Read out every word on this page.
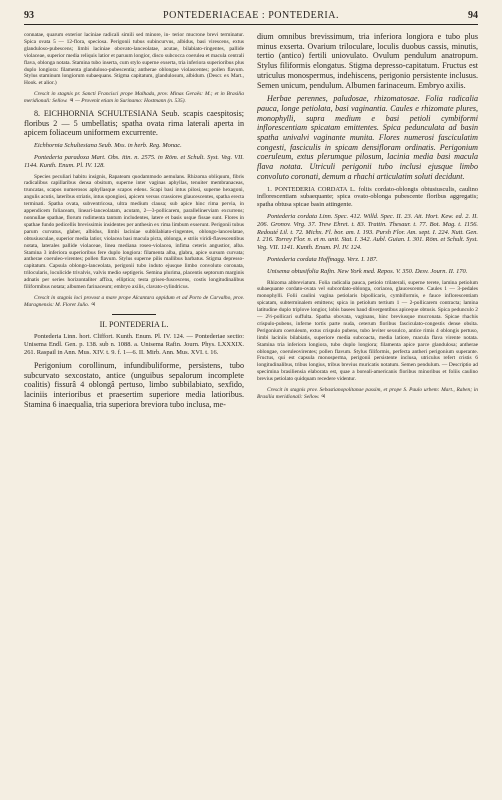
93	PONTEDERIACEAE : PONTEDERIA.	94

connatae, quarum exterior laciniae radicali simili sed minore, in- terior mucrone brevi terminatur. Spica ovata 5 — 12-flora, speciosa. Perigonii tubus subincurvus, albidus, basi virescens, extus glanduloso-pubescens; limbi laciniae obovato-lanceolatae, acutae, bilabiato-ringentes, pallide violaceae, superior media reliquis latior et paruum longior, disco subcocca coerulea et macula centrali flava, oblonga notata. Stamina tubo inserta, cum stylo superne exserta, tria inferiora superioribus plus duplo longiora: filamenta glanduloso-pubescentia; antherae oblongae violascentes; pollen flavum. Stylus staminum longiorum subaequans. Stigma capitatum, glandulosum, albidum. (Descr. ex Mart., Hook. et alior.)

Crescit in stagnis pr. Sancti Francisci prope Malhada, prov. Minas Geraës: M.; et in Brasilia meridionali: Sellow. ♃ — Provenit etiam in Surinamo: Hostmann (n. 535).

8. EICHHORNIA SCHULTESIANA Seub. scapis caespitosis; floribus 2 — 5 umbellatis; spatha ovata rima laterali aperta in apicem foliaceum uniformem excurrente.

Eichhornia Schultesiana Seub. Mss. in herb. Reg. Monac.

Pontederia paradoxa Mart. Obs. itin. n. 2575. in Röm. et Schult. Syst. Veg. VII. 1144. Kunth. Enum. Pl. IV. 128.

Species peculiari habitu insignis, Rapateam quodammodo aemulans. Rhizoma obliquum, fibris radicalibus capillaribus densa obsitum, superne inter vaginas aphyllas, tenuiter membranaceas, truncatas, scapos numerosos aphyllasque scapos edens. Scapi basi intus pilosi, superne hexagoni, angulis acutis, lateribus striatis, intus spongiosi, apicem versus crassiores glaucescentes, spatha erecta terminati. Spatha ovata, subventricosa, ultra medium clausa; sub apice hinc rima pervia, in appendicem foliaceam, lineari-lanceolatam, acutam, 2—3-pollicarem, parallelinerviam excurrens; nonnullae spathae, florum rudimenta tantum includentes, latere et basis usque fissae sunt. Flores in spathae fundo pedicellis brevissimis insidentes per anthesin ex rima limbum exserunt. Perigonii tubus parum curvatus, glaber, albidus, limbi laciniae subbilabiato-ringentes, oblongo-lanceolatae, obtusiusculae, superior media latior, violacea basi macula picta, oblonga, e striis viridi-flavescentibus notata, laterales pallide violaceae, linea mediana roseo-violacea, infima ceteris angustior, alba. Stamina 3 inferiora superioribus fere duplo longiora: filamenta alba, glabra, apice sursum curvata; antherae coeruleo-virentes; pollen flavum. Stylus superne pilis mallibus barbatus. Stigma depresso-capitatum. Capsula oblongo-lanceolata, perigonii tubo induto ejusque limbo convoluto coronata, trilocularis, loculicide trivalvis, valvis medio septigeris. Semina plurima, placentis septorum marginis adnatis per series horizontaliter affixa, elliptica; testa griseo-fuscescens, costis longitudinalibus filiformibus notata; albumen farinaceum; embryo axilis, clavato-cylindricus.

Crescit in stagnis loci provost a mare prope Alcantara oppidum et ad Porto de Carvalho, prov. Maragnensis: M. Floret Julio. ♃

II. PONTEDERIA L.

Pontederia Linn. hort. Cliffort. Kunth. Enum. Pl. IV. 124. — Pontederiae sectio: Unisema Endl. Gen. p. 138. sub n. 1088. a. Unisema Rafin. Journ. Phys. LXXXIX. 261. Raspail in Ann. Mus. XIV. t. 9. f. 1—6. II. Mirb. Ann. Mus. XVI. t. 16.

Perigonium corollinum, infundibuliforme, persistens, tubo subcurvato sexcostato, antice (unguibus sepalorum incomplete coalitis) fissurâ 4 oblongâ pertuso, limbo subbilabiato, sexfido, laciniis interioribus et praesertim superiore media latioribus. Stamina 6 inaequalia, tria superiora breviora tubo inclusa, me-

dium omnibus brevissimum, tria inferiora longiora e tubo plus minus exserta. Ovarium triloculare, loculis duobus cassis, minutis, tertio (antico) fertili uniovulato. Ovulum pendulum anatropum. Stylus filiformis elongatus. Stigma depresso-capitatum. Fructus est utriculus monospermus, indehiscens, perigonio persistente inclusus. Semen unicum, pendulum. Albumen farinaceum. Embryo axilis.

Herbae perennes, paludosae, rhizomatosae. Folia radicalia pauca, longe petiolata, basi vaginantia. Caules e rhizomate plures, monophylli, supra medium e basi petioli cymbiformi inflorescentiam spicatam emittentes. Spica pedunculata ad basin spatha univalvi vaginante munita. Flores numerosi fasciculatim congesti, fasciculis in spicam densifloram ordinatis. Perigonium coeruleum, extus plerumque pilosum, lacinia media basi macula flava notata. Utriculi perigonii tubo inclusi ejusque limbo convoluto coronati, demum a rhachi articulatim soluti decidunt.

1. PONTEDERIA CORDATA L. foliis cordato-oblongis obtusiusculis, caulino inflorescentiam subaequante; spica ovato-oblonga pubescente floribus aggregatis; spatha obtusa spicae basin attingente.

Pontederia cordata Linn. Spec. 412. Willd. Spec. II. 23. Ait. Hort. Kew. ed. 2. II. 206. Gronov. Virg. 37. Trew Ehret. t. 83. Trattin. Thesaur. t. 77. Bot. Mag. t. 1156. Redouté Lil. t. 72. Michx. Fl. bor. am. I. 193. Pursh Flor. Am. sept. I. 224. Nutt. Gen. I. 216. Torrey Flor. n. et m. unit. Stat. I. 342. Aubl. Guian. I. 301. Röm. et Schult. Syst. Veg. VII. 1141. Kunth. Enum. Pl. IV. 124.

Pontederia cordata Hoffmagg. Verz. I. 187.

Unisema obtusifolia Rafin. New York med. Repos. V. 350. Desv. Journ. II. 170.

Rhizoma abbreviatum. Folia radicalia pauca, petiolo trilaterali, superne terete, lamina petiolum subaequante cordato-ovata vel subcordato-oblonga, coriacea, glaucescente. Caules 1 — 3-pedales monophylli. Folii caulini vagina petiolaris bipollicaris, cymbiformis, e fauce inflorescentiam spicatam, subterminalem emittens; spica in petiolum tertium 1 — 2-pollicarem contracta; lamina latitudine duplo triplove longior, lobis basees haud divergentibus apiceque obtusis. Spica pedunculo 2 — 2½-pollicari suffulta. Spatha obovata, vaginans, hinc breviusque mucronata. Spicae rhachis crispulo-pubens, inferne tortis parte nuda, ceterum floribus fasciculato-congestis dense obsita. Perigonium coeruleum, extus crispulo pubens, tubo leviter sexsulco, antice rimis 4 oblongis pertuso, limbi laciniis bilabiatis, superiore media subcoacta, media latiore, macula flava virente notata. Stamina tria inferiora longiora, tubo duplo longiora; filamenta apice parce glandulosa; antherae oblongae, coeruleovirentes; pollen flavum. Stylus filiformis, perfecta antheri perigonium superante. Fructus, qui est capsula monosperma, perigonii persistente inclusa, utriculus refert cristis 6 longitudinalibus, tribus longius, tribus brevius muricatis notatum. Semen pendulum. — Descriptio ad specimina brasiliensia elaborata est, quae a boreali-americanis floribus minoribus et foliis caulino brevius petiolato quidquam recedere videntur.

Crescit in stagnis prov. Sebastianopolitanae passim, et prope S. Paulo urbem: Mart., Raben; in Brasilia meridionali: Sellow. ♃
